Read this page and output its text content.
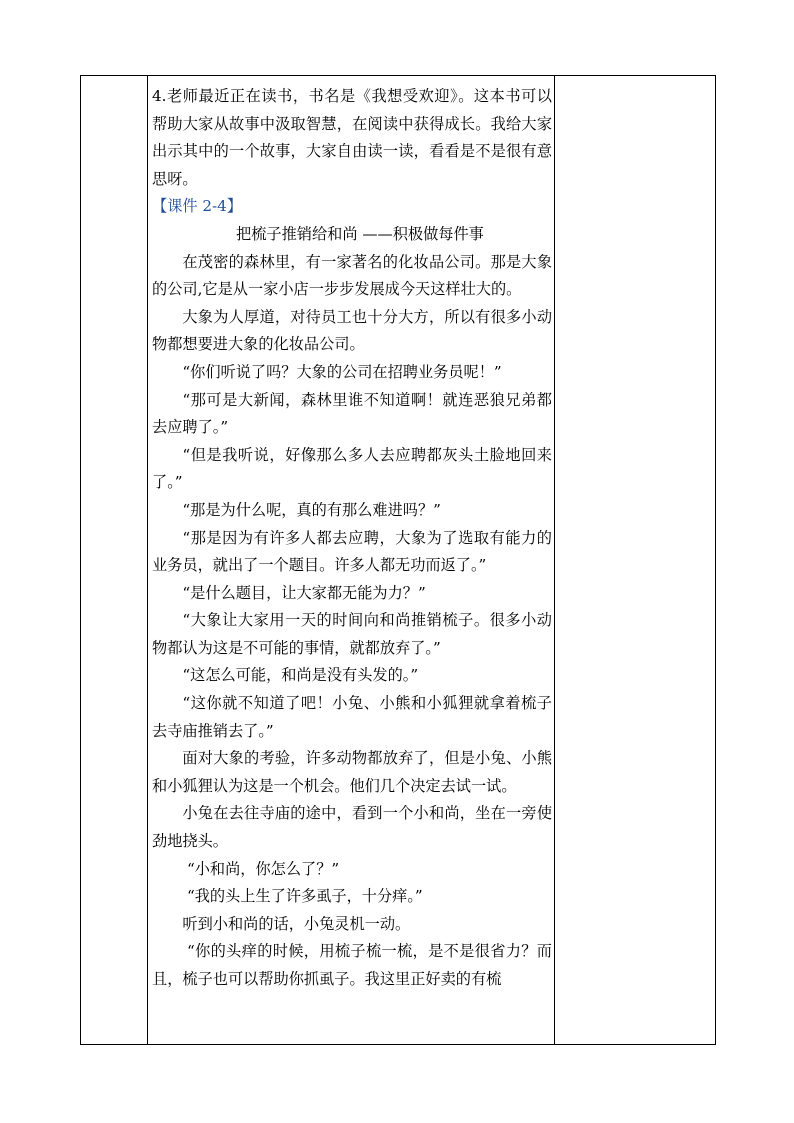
4.老师最近正在读书，书名是《我想受欢迎》。这本书可以帮助大家从故事中汲取智慧，在阅读中获得成长。我给大家出示其中的一个故事，大家自由读一读，看看是不是很有意思呀。

【课件 2-4】

把梳子推销给和尚 ——积极做每件事

在茂密的森林里，有一家著名的化妆品公司。那是大象的公司,它是从一家小店一步步发展成今天这样壮大的。

大象为人厚道，对待员工也十分大方，所以有很多小动物都想要进大象的化妆品公司。

“你们听说了吗？大象的公司在招聘业务员呢！”

“那可是大新闻，森林里谁不知道啊！就连恶狼兄弟都去应聘了。”

“但是我听说，好像那么多人去应聘都灰头土脸地回来了。”

“那是为什么呢，真的有那么难进吗？”

“那是因为有许多人都去应聘，大象为了选取有能力的业务员，就出了一个题目。许多人都无功而返了。”

“是什么题目，让大家都无能为力？”

“大象让大家用一天的时间向和尚推销梳子。很多小动物都认为这是不可能的事情，就都放弃了。”

“这怎么可能，和尚是没有头发的。”

“这你就不知道了吧！小兔、小熊和小狐狸就拿着梳子去寺庙推销去了。”

面对大象的考验，许多动物都放弃了，但是小兔、小熊和小狐狸认为这是一个机会。他们几个决定去试一试。

小兔在去往寺庙的途中，看到一个小和尚，坐在一旁使劲地挠头。

“小和尚，你怎么了？”

“我的头上生了许多虱子，十分痒。”

听到小和尚的话，小兔灵机一动。

“你的头痒的时候，用梳子梳一梳，是不是很省力？而且，梳子也可以帮助你抓虱子。我这里正好卖的有梳
